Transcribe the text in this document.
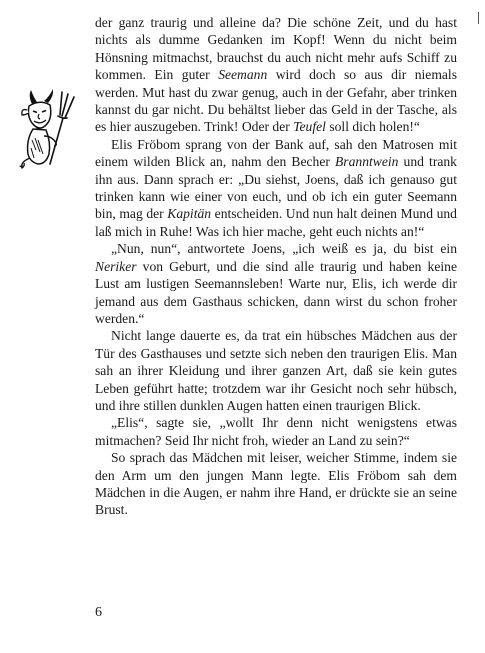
der ganz traurig und alleine da? Die schöne Zeit, und du hast nichts als dumme Gedanken im Kopf! Wenn du nicht beim Hönsning mitmachst, brauchst du auch nicht mehr aufs Schiff zu kommen. Ein guter Seemann wird doch so aus dir niemals werden. Mut hast du zwar genug, auch in der Gefahr, aber trinken kannst du gar nicht. Du behältst lieber das Geld in der Tasche, als es hier auszugeben. Trink! Oder der Teufel soll dich holen!“

Elis Fröbom sprang von der Bank auf, sah den Matrosen mit einem wilden Blick an, nahm den Becher Branntwein und trank ihn aus. Dann sprach er: „Du siehst, Joens, daß ich genauso gut trinken kann wie einer von euch, und ob ich ein guter Seemann bin, mag der Kapitän entscheiden. Und nun halt deinen Mund und laß mich in Ruhe! Was ich hier mache, geht euch nichts an!“

„Nun, nun“, antwortete Joens, „ich weiß es ja, du bist ein Neriker von Geburt, und die sind alle traurig und haben keine Lust am lustigen Seemannsleben! Warte nur, Elis, ich werde dir jemand aus dem Gasthaus schicken, dann wirst du schon froher werden.“

Nicht lange dauerte es, da trat ein hübsches Mädchen aus der Tür des Gasthauses und setzte sich neben den traurigen Elis. Man sah an ihrer Kleidung und ihrer ganzen Art, daß sie kein gutes Leben geführt hatte; trotzdem war ihr Gesicht noch sehr hübsch, und ihre stillen dunklen Augen hatten einen traurigen Blick.

„Elis“, sagte sie, „wollt Ihr denn nicht wenigstens etwas mitmachen? Seid Ihr nicht froh, wieder an Land zu sein?“

So sprach das Mädchen mit leiser, weicher Stimme, indem sie den Arm um den jungen Mann legte. Elis Fröbom sah dem Mädchen in die Augen, er nahm ihre Hand, er drückte sie an seine Brust.

6
